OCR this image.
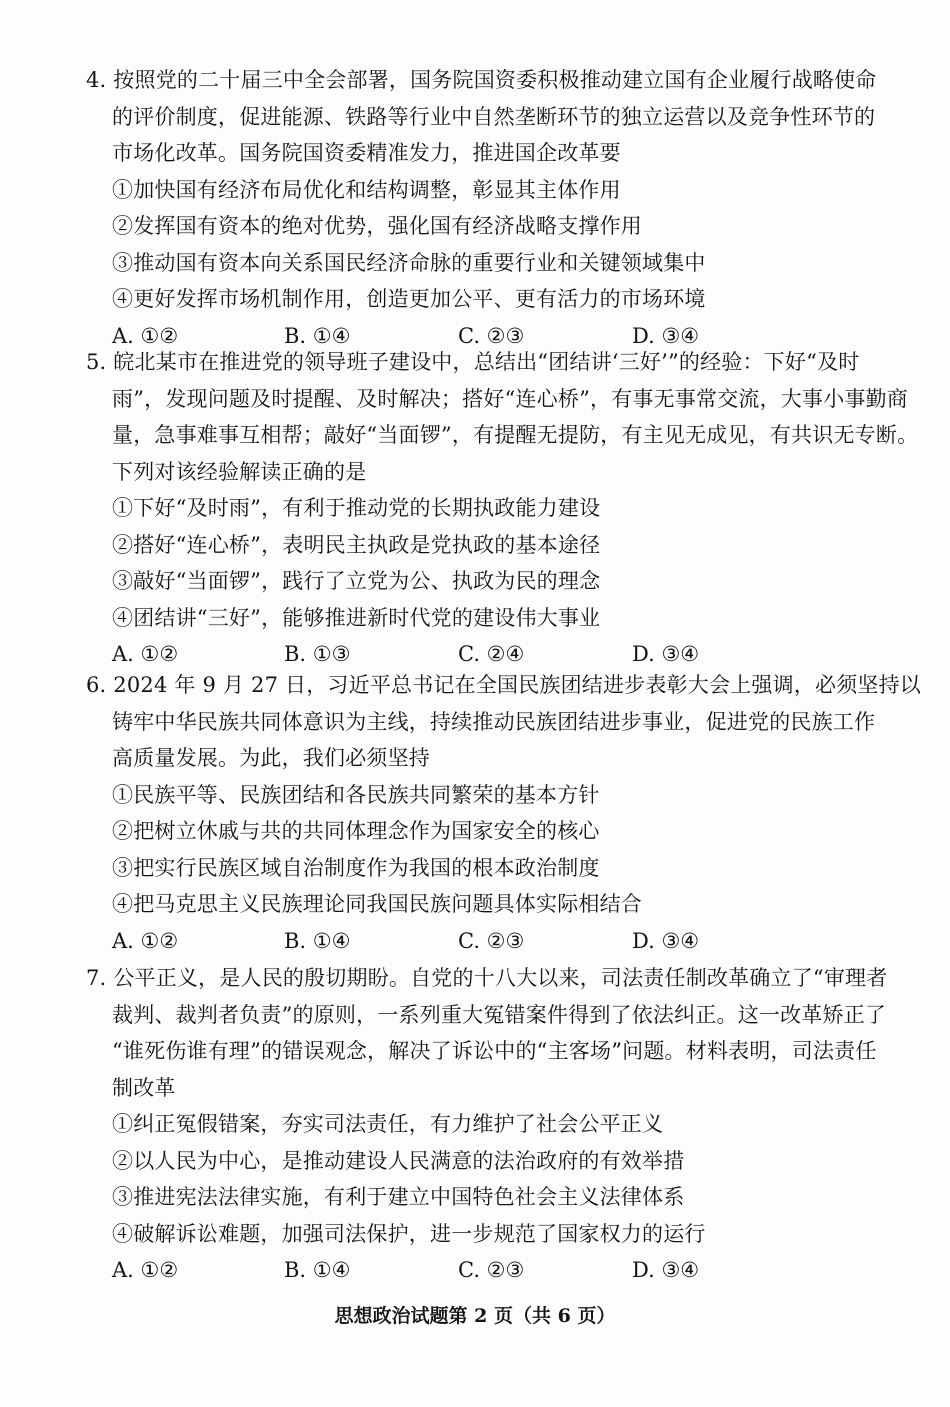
4. 按照党的二十届三中全会部署，国务院国资委积极推动建立国有企业履行战略使命
的评价制度，促进能源、铁路等行业中自然垄断环节的独立运营以及竞争性环节的
市场化改革。国务院国资委精准发力，推进国企改革要
①加快国有经济布局优化和结构调整，彰显其主体作用
②发挥国有资本的绝对优势，强化国有经济战略支撑作用
③推动国有资本向关系国民经济命脉的重要行业和关键领域集中
④更好发挥市场机制作用，创造更加公平、更有活力的市场环境
A. ①②	B. ①④	C. ②③	D. ③④
5. 皖北某市在推进党的领导班子建设中，总结出“团结讲‘三好’”的经验：下好“及时
雨”，发现问题及时提醒、及时解决；搭好“连心桥”，有事无事常交流，大事小事勤商
量，急事难事互相帮；敲好“当面锣”，有提醒无提防，有主见无成见，有共识无专断。
下列对该经验解读正确的是
①下好“及时雨”，有利于推动党的长期执政能力建设
②搭好“连心桥”，表明民主执政是党执政的基本途径
③敲好“当面锣”，践行了立党为公、执政为民的理念
④团结讲“三好”，能够推进新时代党的建设伟大事业
A. ①②	B. ①③	C. ②④	D. ③④
6. 2024 年 9 月 27 日，习近平总书记在全国民族团结进步表彰大会上强调，必须坚持以
铸牢中华民族共同体意识为主线，持续推动民族团结进步事业，促进党的民族工作
高质量发展。为此，我们必须坚持
①民族平等、民族团结和各民族共同繁荣的基本方针
②把树立休戚与共的共同体理念作为国家安全的核心
③把实行民族区域自治制度作为我国的根本政治制度
④把马克思主义民族理论同我国民族问题具体实际相结合
A. ①②	B. ①④	C. ②③	D. ③④
7. 公平正义，是人民的殷切期盼。自党的十八大以来，司法责任制改革确立了“审理者
裁判、裁判者负责”的原则，一系列重大冤错案件得到了依法纠正。这一改革矫正了
“谁死伤谁有理”的错误观念，解决了诉讼中的“主客场”问题。材料表明，司法责任
制改革
①纠正冤假错案，夯实司法责任，有力维护了社会公平正义
②以人民为中心，是推动建设人民满意的法治政府的有效举措
③推进宪法法律实施，有利于建立中国特色社会主义法律体系
④破解诉讼难题，加强司法保护，进一步规范了国家权力的运行
A. ①②	B. ①④	C. ②③	D. ③④
思想政治试题第 2 页（共 6 页）
